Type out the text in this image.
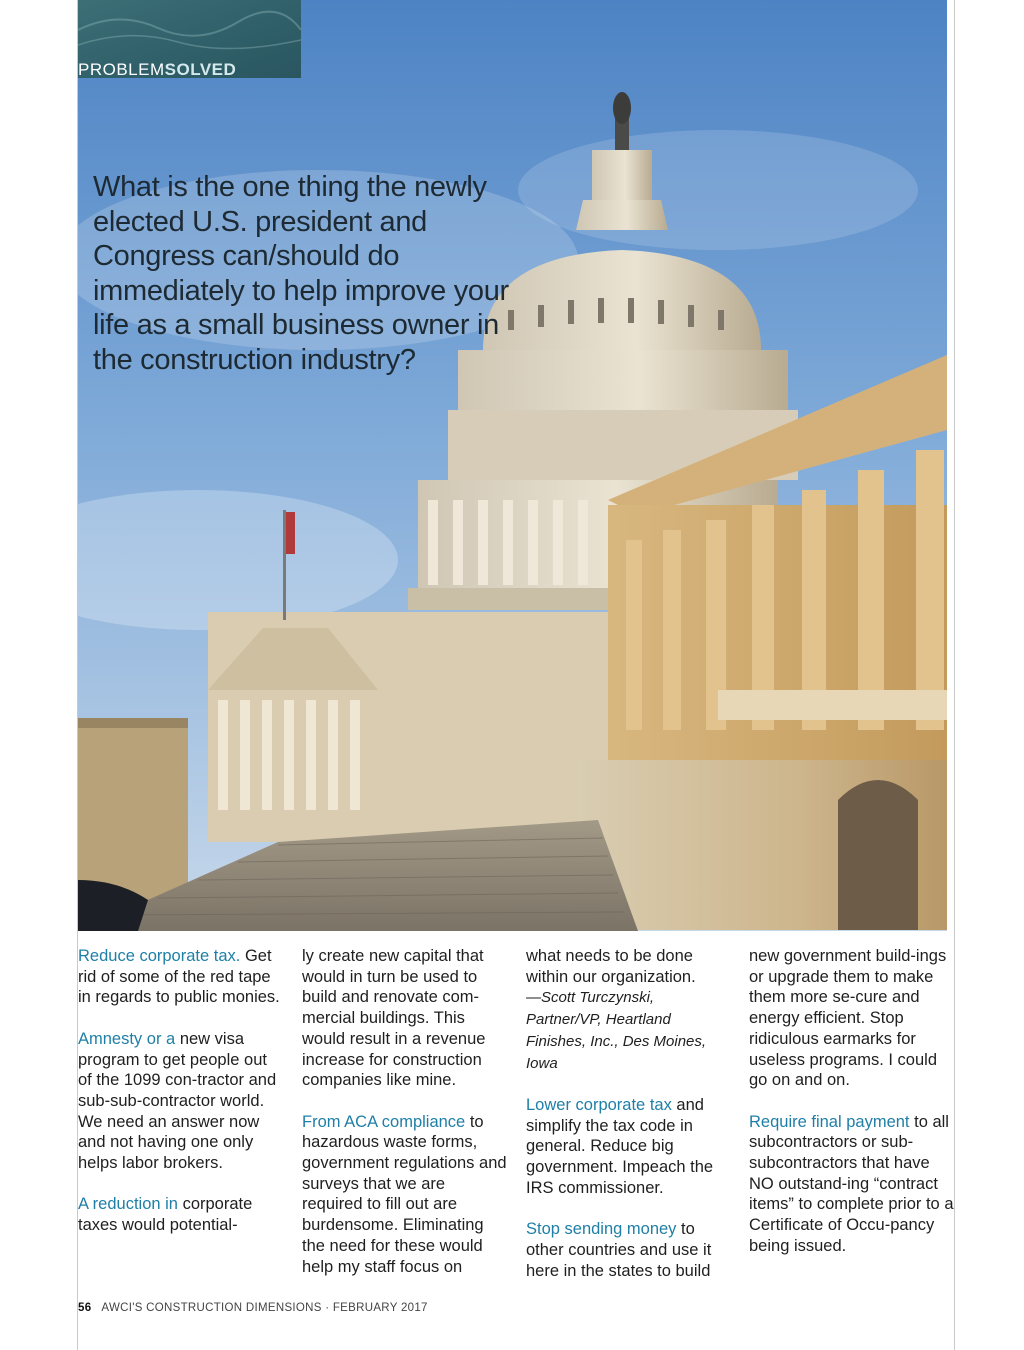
PROBLEMSOLVED
What is the one thing the newly elected U.S. president and Congress can/should do immediately to help improve your life as a small business owner in the construction industry?

Reduce corporate tax. Get rid of some of the red tape in regards to public monies.

Amnesty or a new visa program to get people out of the 1099 con-tractor and sub-sub-contractor world. We need an answer now and not having one only helps labor brokers.

A reduction in corporate taxes would potential-

ly create new capital that would in turn be used to build and renovate com-mercial buildings. This would result in a revenue increase for construction companies like mine.

From ACA compliance to hazardous waste forms, government regulations and surveys that we are required to fill out are burdensome. Eliminating the need for these would help my staff focus on

what needs to be done within our organization.
—Scott Turczynski, Partner/VP, Heartland Finishes, Inc., Des Moines, Iowa

Lower corporate tax and simplify the tax code in general. Reduce big government. Impeach the IRS commissioner.

Stop sending money to other countries and use it here in the states to build

new government build-ings or upgrade them to make them more se-cure and energy efficient. Stop ridiculous earmarks for useless programs. I could go on and on.

Require final payment to all subcontractors or sub-subcontractors that have NO outstand-ing “contract items” to complete prior to a Certificate of Occu-pancy being issued.

56 AWCI'S CONSTRUCTION DIMENSIONS · FEBRUARY 2017
